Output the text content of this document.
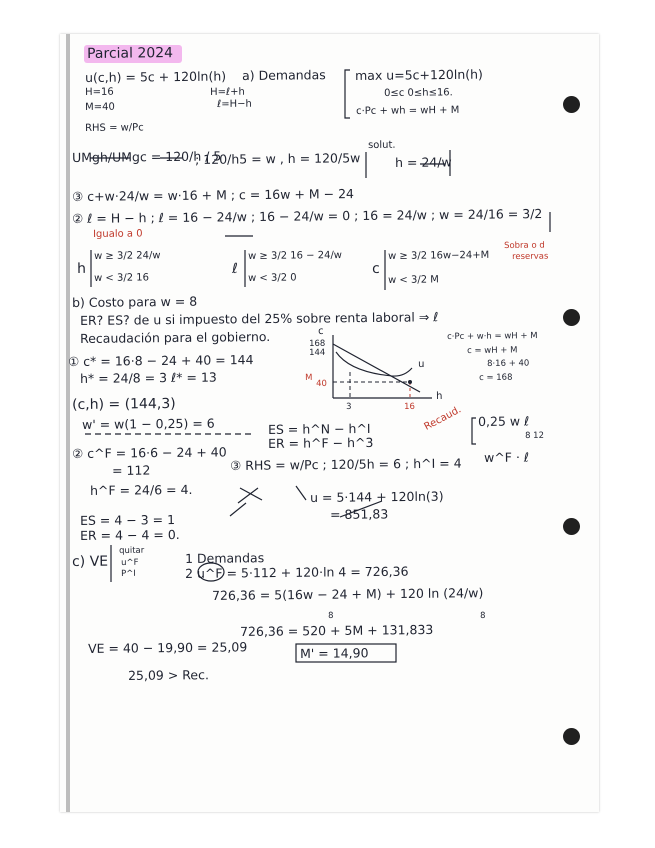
Parcial 2024
u(c,h) = 5c + 120ln(h) a) Demandas max u=5c+120ln(h)
0≤c 0≤h≤16.
c·Pc + wh = wH + M
H=16
M=40
H=ℓ+h
ℓ=H−h
RHS = w/Pc
UMgh/UMgc = 120/h / 5
; 120/h5 = w , h = 120/5w
solut.
h = 24/w
③ c+w·24/w = w·16 + M ; c = 16w + M − 24
② ℓ = H − h ; ℓ = 16 − 24/w ; 16 − 24/w = 0 ; 16 = 24/w ; w = 24/16 = 3/2
Igualo a 0
h
w ≥ 3/2 24/w
w < 3/2 16
ℓ
w ≥ 3/2 16 − 24/w
w < 3/2 0
c
w ≥ 3/2 16w−24+M
w < 3/2 M
Sobra o d
reservas
b) Costo para w = 8
ER? ES? de u si impuesto del 25% sobre renta laboral ⇒ ℓ
Recaudación para el gobierno.	c·Pc + w·h = wH + M
c = wH + M
8·16 + 40
c = 168
① c* = 16·8 − 24 + 40 = 144
h* = 24/8 = 3 ℓ* = 13
(c,h) = (144,3)
w' = w(1 − 0,25) = 6	ES = h^N − h^I
ER = h^F − h^3
Recaud. 0,25 w ℓ
8 12
w^F · ℓ
② c^F = 16·6 − 24 + 40
= 112
h^F = 24/6 = 4.
③ RHS = w/Pc ; 120/5h = 6 ; h^I = 4
u = 5·144 + 120ln(3)
= 851,83
ES = 4 − 3 = 1
ER = 4 − 4 = 0.
c) VE
quitar
u^F
P^I
1 Demandas
2 u^F = 5·112 + 120·ln 4 = 726,36
726,36 = 5(16w − 24 + M) + 120 ln (24/w)
8	8
726,36 = 520 + 5M + 131,833
M' = 14,90
VE = 40 − 19,90 = 25,09
25,09 > Rec.
c
168
144
M
40
3	16
h
u
